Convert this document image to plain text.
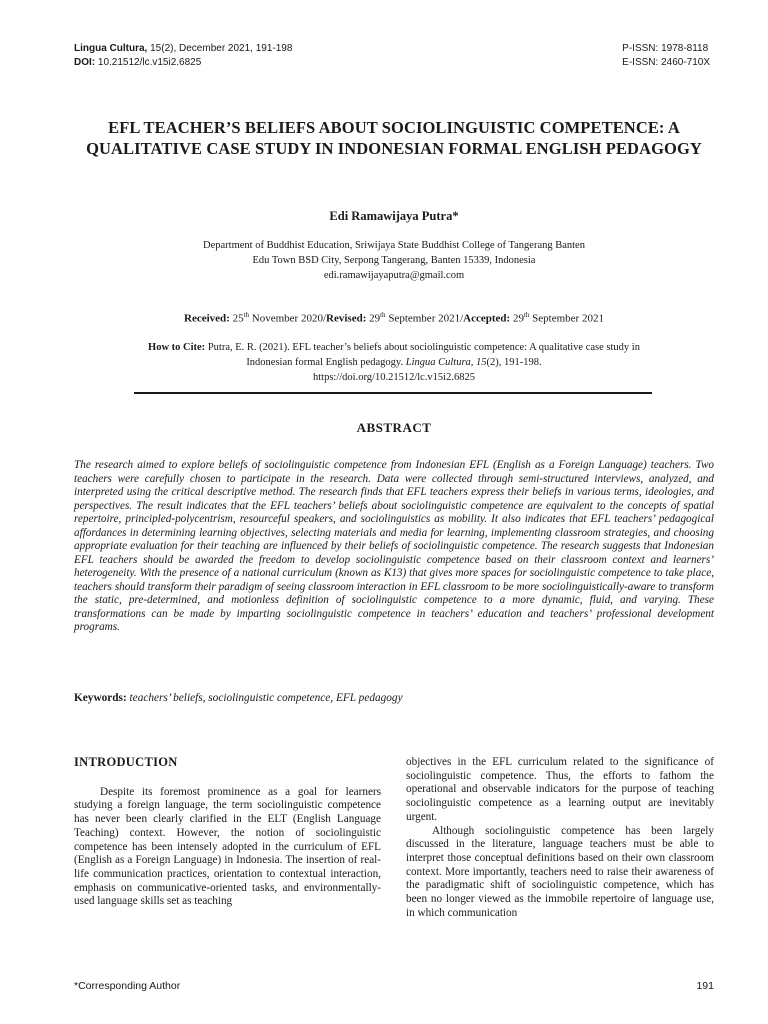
Lingua Cultura, 15(2), December 2021, 191-198
DOI: 10.21512/lc.v15i2.6825
P-ISSN: 1978-8118
E-ISSN: 2460-710X
EFL TEACHER’S BELIEFS ABOUT SOCIOLINGUISTIC COMPETENCE: A QUALITATIVE CASE STUDY IN INDONESIAN FORMAL ENGLISH PEDAGOGY
Edi Ramawijaya Putra*
Department of Buddhist Education, Sriwijaya State Buddhist College of Tangerang Banten
Edu Town BSD City, Serpong Tangerang, Banten 15339, Indonesia
edi.ramawijayaputra@gmail.com
Received: 25th November 2020/Revised: 29th September 2021/Accepted: 29th September 2021
How to Cite: Putra, E. R. (2021). EFL teacher’s beliefs about sociolinguistic competence: A qualitative case study in
Indonesian formal English pedagogy. Lingua Cultura, 15(2), 191-198.
https://doi.org/10.21512/lc.v15i2.6825
ABSTRACT
The research aimed to explore beliefs of sociolinguistic competence from Indonesian EFL (English as a Foreign Language) teachers. Two teachers were carefully chosen to participate in the research. Data were collected through semi-structured interviews, analyzed, and interpreted using the critical descriptive method. The research finds that EFL teachers express their beliefs in various terms, ideologies, and perspectives. The result indicates that the EFL teachers’ beliefs about sociolinguistic competence are equivalent to the concepts of spatial repertoire, principled-polycentrism, resourceful speakers, and sociolinguistics as mobility. It also indicates that EFL teachers’ pedagogical affordances in determining learning objectives, selecting materials and media for learning, implementing classroom strategies, and choosing appropriate evaluation for their teaching are influenced by their beliefs of sociolinguistic competence. The research suggests that Indonesian EFL teachers should be awarded the freedom to develop sociolinguistic competence based on their classroom context and learners’ heterogeneity. With the presence of a national curriculum (known as K13) that gives more spaces for sociolinguistic competence to take place, teachers should transform their paradigm of seeing classroom interaction in EFL classroom to be more sociolinguistically-aware to transform the static, pre-determined, and motionless definition of sociolinguistic competence to a more dynamic, fluid, and varying. These transformations can be made by imparting sociolinguistic competence in teachers’ education and teachers’ professional development programs.
Keywords: teachers’ beliefs, sociolinguistic competence, EFL pedagogy
INTRODUCTION

Despite its foremost prominence as a goal for learners studying a foreign language, the term sociolinguistic competence has never been clearly clarified in the ELT (English Language Teaching) context. However, the notion of sociolinguistic competence has been intensely adopted in the curriculum of EFL (English as a Foreign Language) in Indonesia. The insertion of real-life communication practices, orientation to contextual interaction, emphasis on communicative-oriented tasks, and environmentally-used language skills set as teaching

objectives in the EFL curriculum related to the significance of sociolinguistic competence. Thus, the efforts to fathom the operational and observable indicators for the purpose of teaching sociolinguistic competence as a learning output are inevitably urgent.

Although sociolinguistic competence has been largely discussed in the literature, language teachers must be able to interpret those conceptual definitions based on their own classroom context. More importantly, teachers need to raise their awareness of the paradigmatic shift of sociolinguistic competence, which has been no longer viewed as the immobile repertoire of language use, in which communication

*Corresponding Author	191
